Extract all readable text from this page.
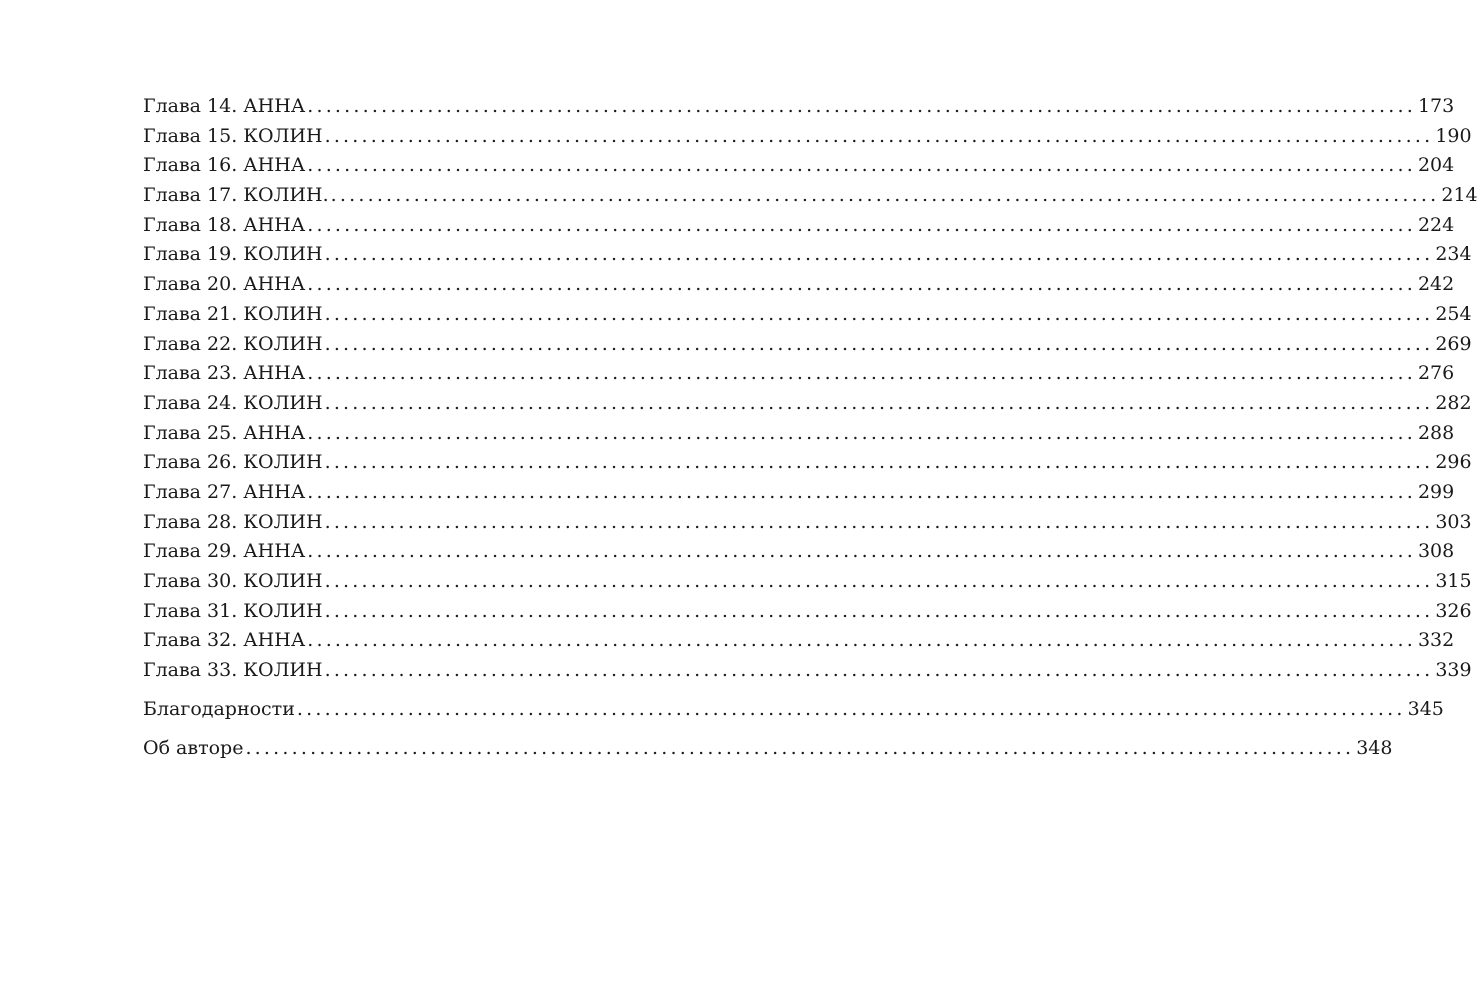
Глава 14. АННА ........................................................................................................................ 173
Глава 15. КОЛИН ........................................................................................................................ 190
Глава 16. АННА ........................................................................................................................ 204
Глава 17. КОЛИН. ........................................................................................................................ 214
Глава 18. АННА ........................................................................................................................ 224
Глава 19. КОЛИН ........................................................................................................................ 234
Глава 20. АННА ........................................................................................................................ 242
Глава 21. КОЛИН ........................................................................................................................ 254
Глава 22. КОЛИН ........................................................................................................................ 269
Глава 23. АННА ........................................................................................................................ 276
Глава 24. КОЛИН ........................................................................................................................ 282
Глава 25. АННА ........................................................................................................................ 288
Глава 26. КОЛИН ........................................................................................................................ 296
Глава 27. АННА ........................................................................................................................ 299
Глава 28. КОЛИН ........................................................................................................................ 303
Глава 29. АННА ........................................................................................................................ 308
Глава 30. КОЛИН ........................................................................................................................ 315
Глава 31. КОЛИН ........................................................................................................................ 326
Глава 32. АННА ........................................................................................................................ 332
Глава 33. КОЛИН ........................................................................................................................ 339
Благодарности ........................................................................................................................ 345
Об авторе ........................................................................................................................ 348
